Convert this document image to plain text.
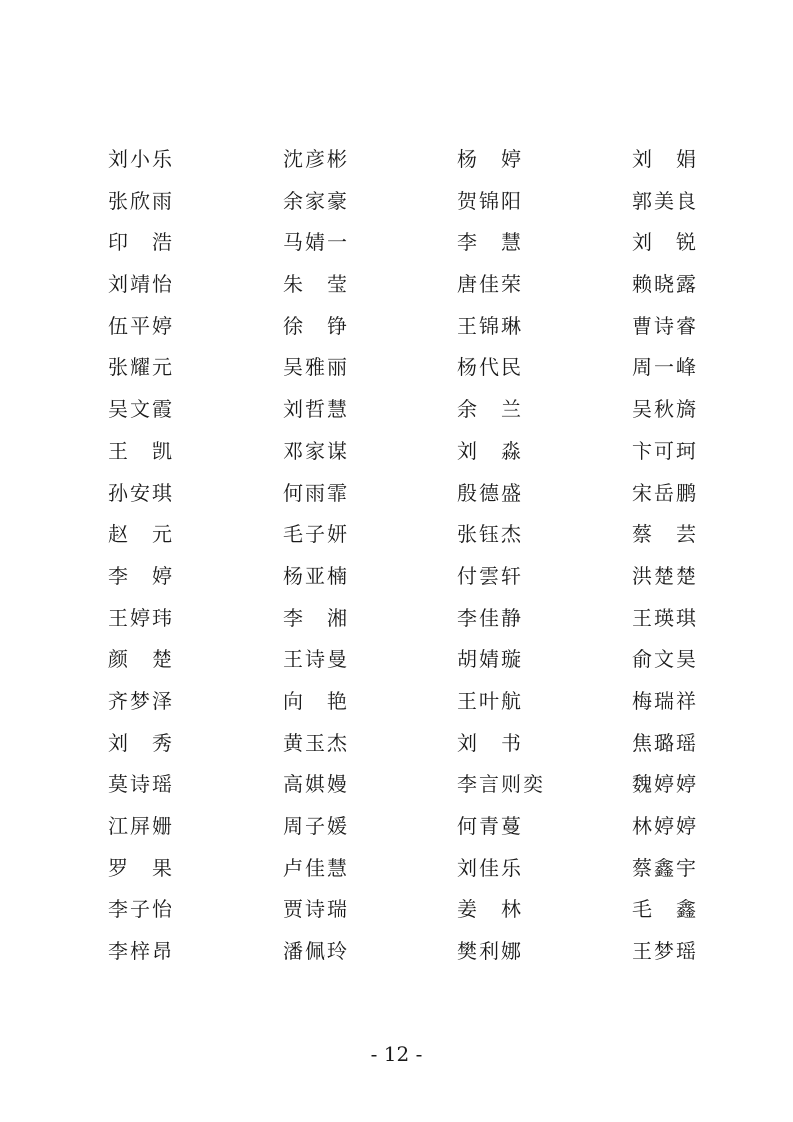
刘小乐	沈彦彬	杨　婷	刘　娟
张欣雨	余家豪	贺锦阳	郭美良
印　浩	马婧一	李　慧	刘　锐
刘靖怡	朱　莹	唐佳荣	赖晓露
伍平婷	徐　铮	王锦琳	曹诗睿
张耀元	吴雅丽	杨代民	周一峰
吴文霞	刘哲慧	余　兰	吴秋旖
王　凯	邓家谋	刘　淼	卞可珂
孙安琪	何雨霏	殷德盛	宋岳鹏
赵　元	毛子妍	张钰杰	蔡　芸
李　婷	杨亚楠	付雲轩	洪楚楚
王婷玮	李　湘	李佳静	王瑛琪
颜　楚	王诗曼	胡婧璇	俞文昊
齐梦泽	向　艳	王叶航	梅瑞祥
刘　秀	黄玉杰	刘　书	焦璐瑶
莫诗瑶	高娸嫚	李言则奕	魏婷婷
江屏姗	周子媛	何青蔓	林婷婷
罗　果	卢佳慧	刘佳乐	蔡鑫宇
李子怡	贾诗瑞	姜　林	毛　鑫
李梓昂	潘佩玲	樊利娜	王梦瑶
- 12 -
